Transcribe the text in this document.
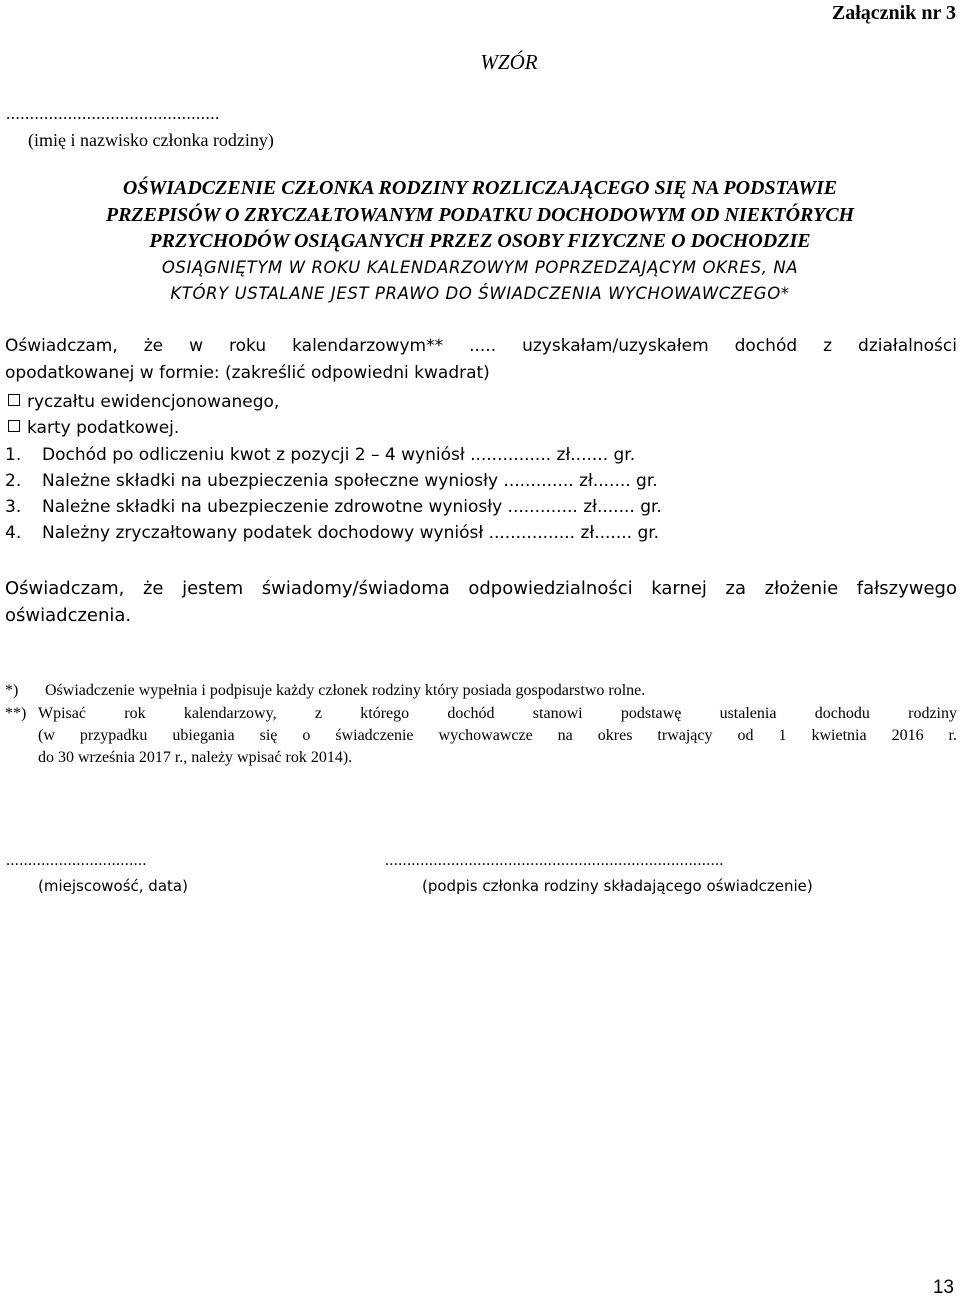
Załącznik nr 3
WZÓR
.............................................
(imię i nazwisko członka rodziny)
OŚWIADCZENIE CZŁONKA RODZINY ROZLICZAJĄCEGO SIĘ NA PODSTAWIE
PRZEPISÓW O ZRYCZAŁTOWANYM PODATKU DOCHODOWYM OD NIEKTÓRYCH
PRZYCHODÓW OSIĄGANYCH PRZEZ OSOBY FIZYCZNE O DOCHODZIE
OSIĄGNIĘTYM W ROKU KALENDARZOWYM POPRZEDZAJĄCYM OKRES, NA
KTÓRY USTALANE JEST PRAWO DO ŚWIADCZENIA WYCHOWAWCZEGO*
Oświadczam, że w roku kalendarzowym** ..... uzyskałam/uzyskałem dochód z działalności
opodatkowanej w formie: (zakreślić odpowiedni kwadrat)
ryczałtu ewidencjonowanego,
karty podatkowej.
1. Dochód po odliczeniu kwot z pozycji 2 – 4 wyniósł ............... zł....... gr.
2. Należne składki na ubezpieczenia społeczne wyniosły ............. zł....... gr.
3. Należne składki na ubezpieczenie zdrowotne wyniosły ............. zł....... gr.
4. Należny zryczałtowany podatek dochodowy wyniósł ................ zł....... gr.
Oświadczam, że jestem świadomy/świadoma odpowiedzialności karnej za złożenie fałszywego
oświadczenia.
*) Oświadczenie wypełnia i podpisuje każdy członek rodziny który posiada gospodarstwo rolne.
**) Wpisać rok kalendarzowy, z którego dochód stanowi podstawę ustalenia dochodu rodziny
(w przypadku ubiegania się o świadczenie wychowawcze na okres trwający od 1 kwietnia 2016 r.
do 30 września 2017 r., należy wpisać rok 2014).
................................
(miejscowość, data)
.............................................................................
(podpis członka rodziny składającego oświadczenie)
13
